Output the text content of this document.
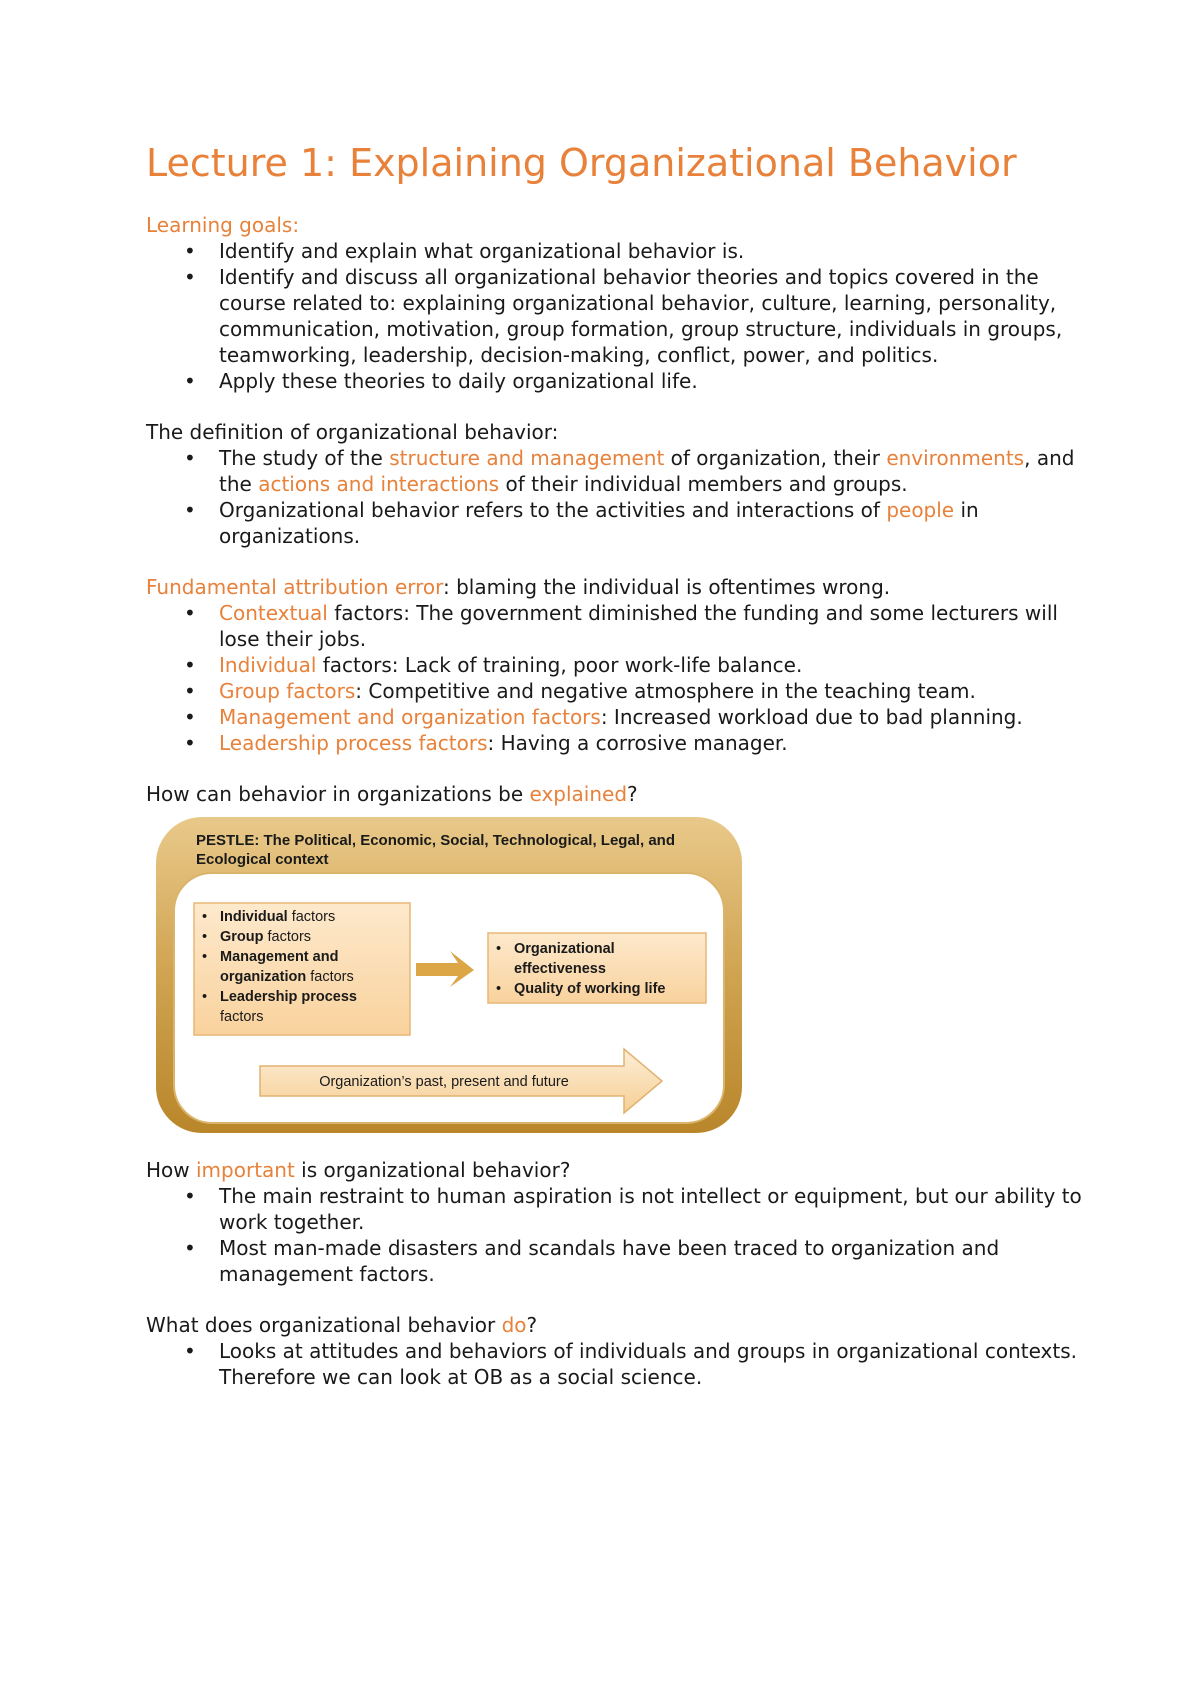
Lecture 1: Explaining Organizational Behavior

Learning goals:

• Identify and explain what organizational behavior is.
• Identify and discuss all organizational behavior theories and topics covered in the course related to: explaining organizational behavior, culture, learning, personality, communication, motivation, group formation, group structure, individuals in groups, teamworking, leadership, decision-making, conflict, power, and politics.
• Apply these theories to daily organizational life.

The definition of organizational behavior:

• The study of the structure and management of organization, their environments, and the actions and interactions of their individual members and groups.
• Organizational behavior refers to the activities and interactions of people in organizations.

Fundamental attribution error: blaming the individual is oftentimes wrong.

• Contextual factors: The government diminished the funding and some lecturers will lose their jobs.
• Individual factors: Lack of training, poor work-life balance.
• Group factors: Competitive and negative atmosphere in the teaching team.
• Management and organization factors: Increased workload due to bad planning.
• Leadership process factors: Having a corrosive manager.

How can behavior in organizations be explained?

PESTLE: The Political, Economic, Social, Technological, Legal, and
Ecological context
• Individual factors
• Group factors
• Management and
organization factors
• Leadership process
factors
• Organizational
effectiveness
• Quality of working life
Organization’s past, present and future

How important is organizational behavior?

• The main restraint to human aspiration is not intellect or equipment, but our ability to work together.
• Most man-made disasters and scandals have been traced to organization and management factors.

What does organizational behavior do?

• Looks at attitudes and behaviors of individuals and groups in organizational contexts. Therefore we can look at OB as a social science.
